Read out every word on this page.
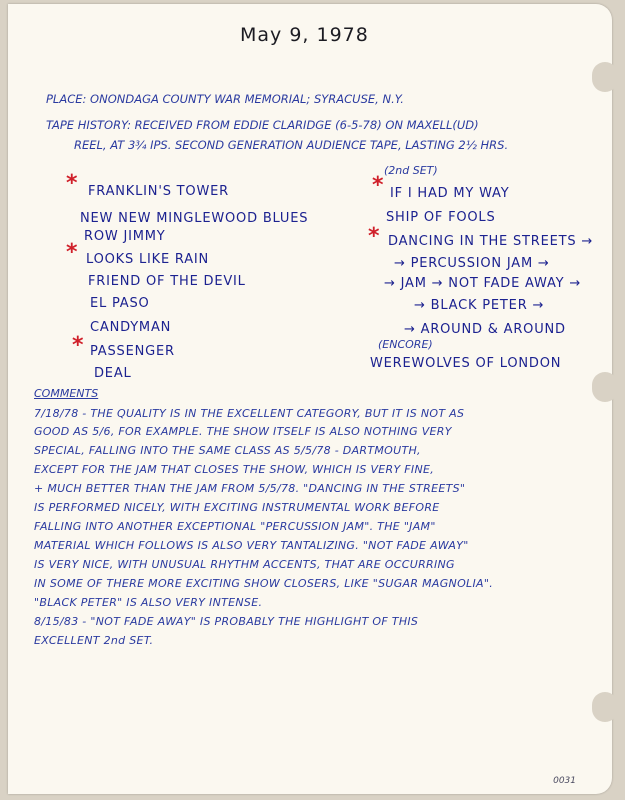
May 9, 1978
PLACE: ONONDAGA COUNTY WAR MEMORIAL; SYRACUSE, N.Y.
TAPE HISTORY: RECEIVED FROM EDDIE CLARIDGE (6-5-78) ON MAXELL(UD)
REEL, AT 3¾ IPS. SECOND GENERATION AUDIENCE TAPE, LASTING 2½ HRS.
* FRANKLIN'S TOWER
NEW NEW MINGLEWOOD BLUES
ROW JIMMY
* LOOKS LIKE RAIN
FRIEND OF THE DEVIL
EL PASO
CANDYMAN
* PASSENGER
DEAL
(2nd SET)
* IF I HAD MY WAY
SHIP OF FOOLS
* DANCING IN THE STREETS →
→ PERCUSSION JAM →
→ JAM → NOT FADE AWAY →
→ BLACK PETER →
→ AROUND & AROUND
(ENCORE)
WEREWOLVES OF LONDON
COMMENTS
7/18/78 - THE QUALITY IS IN THE EXCELLENT CATEGORY, BUT IT IS NOT AS
GOOD AS 5/6, FOR EXAMPLE. THE SHOW ITSELF IS ALSO NOTHING VERY
SPECIAL, FALLING INTO THE SAME CLASS AS 5/5/78 - DARTMOUTH,
EXCEPT FOR THE JAM THAT CLOSES THE SHOW, WHICH IS VERY FINE,
+ MUCH BETTER THAN THE JAM FROM 5/5/78. "DANCING IN THE STREETS"
IS PERFORMED NICELY, WITH EXCITING INSTRUMENTAL WORK BEFORE
FALLING INTO ANOTHER EXCEPTIONAL "PERCUSSION JAM". THE "JAM"
MATERIAL WHICH FOLLOWS IS ALSO VERY TANTALIZING. "NOT FADE AWAY"
IS VERY NICE, WITH UNUSUAL RHYTHM ACCENTS, THAT ARE OCCURRING
IN SOME OF THERE MORE EXCITING SHOW CLOSERS, LIKE "SUGAR MAGNOLIA".
"BLACK PETER" IS ALSO VERY INTENSE.
8/15/83 - "NOT FADE AWAY" IS PROBABLY THE HIGHLIGHT OF THIS
EXCELLENT 2nd SET.
0031
